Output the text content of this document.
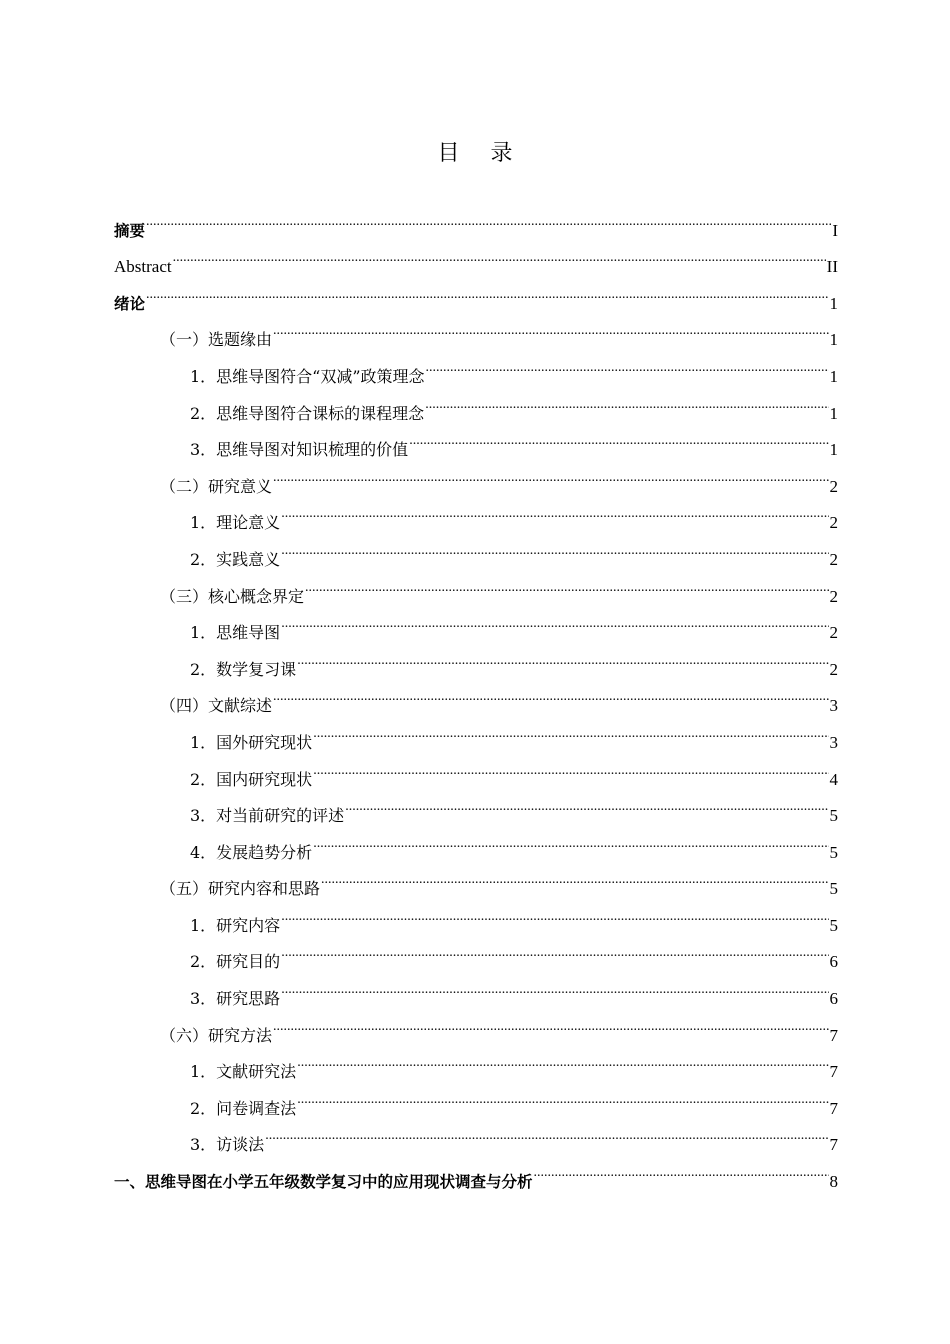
目 录
摘要 .....	I
Abstract .....	II
绪论 .....	1
（一）选题缘由 .....	1
1．思维导图符合“双减”政策理念 .....	1
2．思维导图符合课标的课程理念 .....	1
3．思维导图对知识梳理的价值 .....	1
（二）研究意义 .....	2
1．理论意义 .....	2
2．实践意义 .....	2
（三）核心概念界定 .....	2
1．思维导图 .....	2
2．数学复习课 .....	2
（四）文献综述 .....	3
1．国外研究现状 .....	3
2．国内研究现状 .....	4
3．对当前研究的评述 .....	5
4．发展趋势分析 .....	5
（五）研究内容和思路 .....	5
1．研究内容 .....	5
2．研究目的 .....	6
3．研究思路 .....	6
（六）研究方法 .....	7
1．文献研究法 .....	7
2．问卷调查法 .....	7
3．访谈法 .....	7
一、思维导图在小学五年级数学复习中的应用现状调查与分析 .....	8
